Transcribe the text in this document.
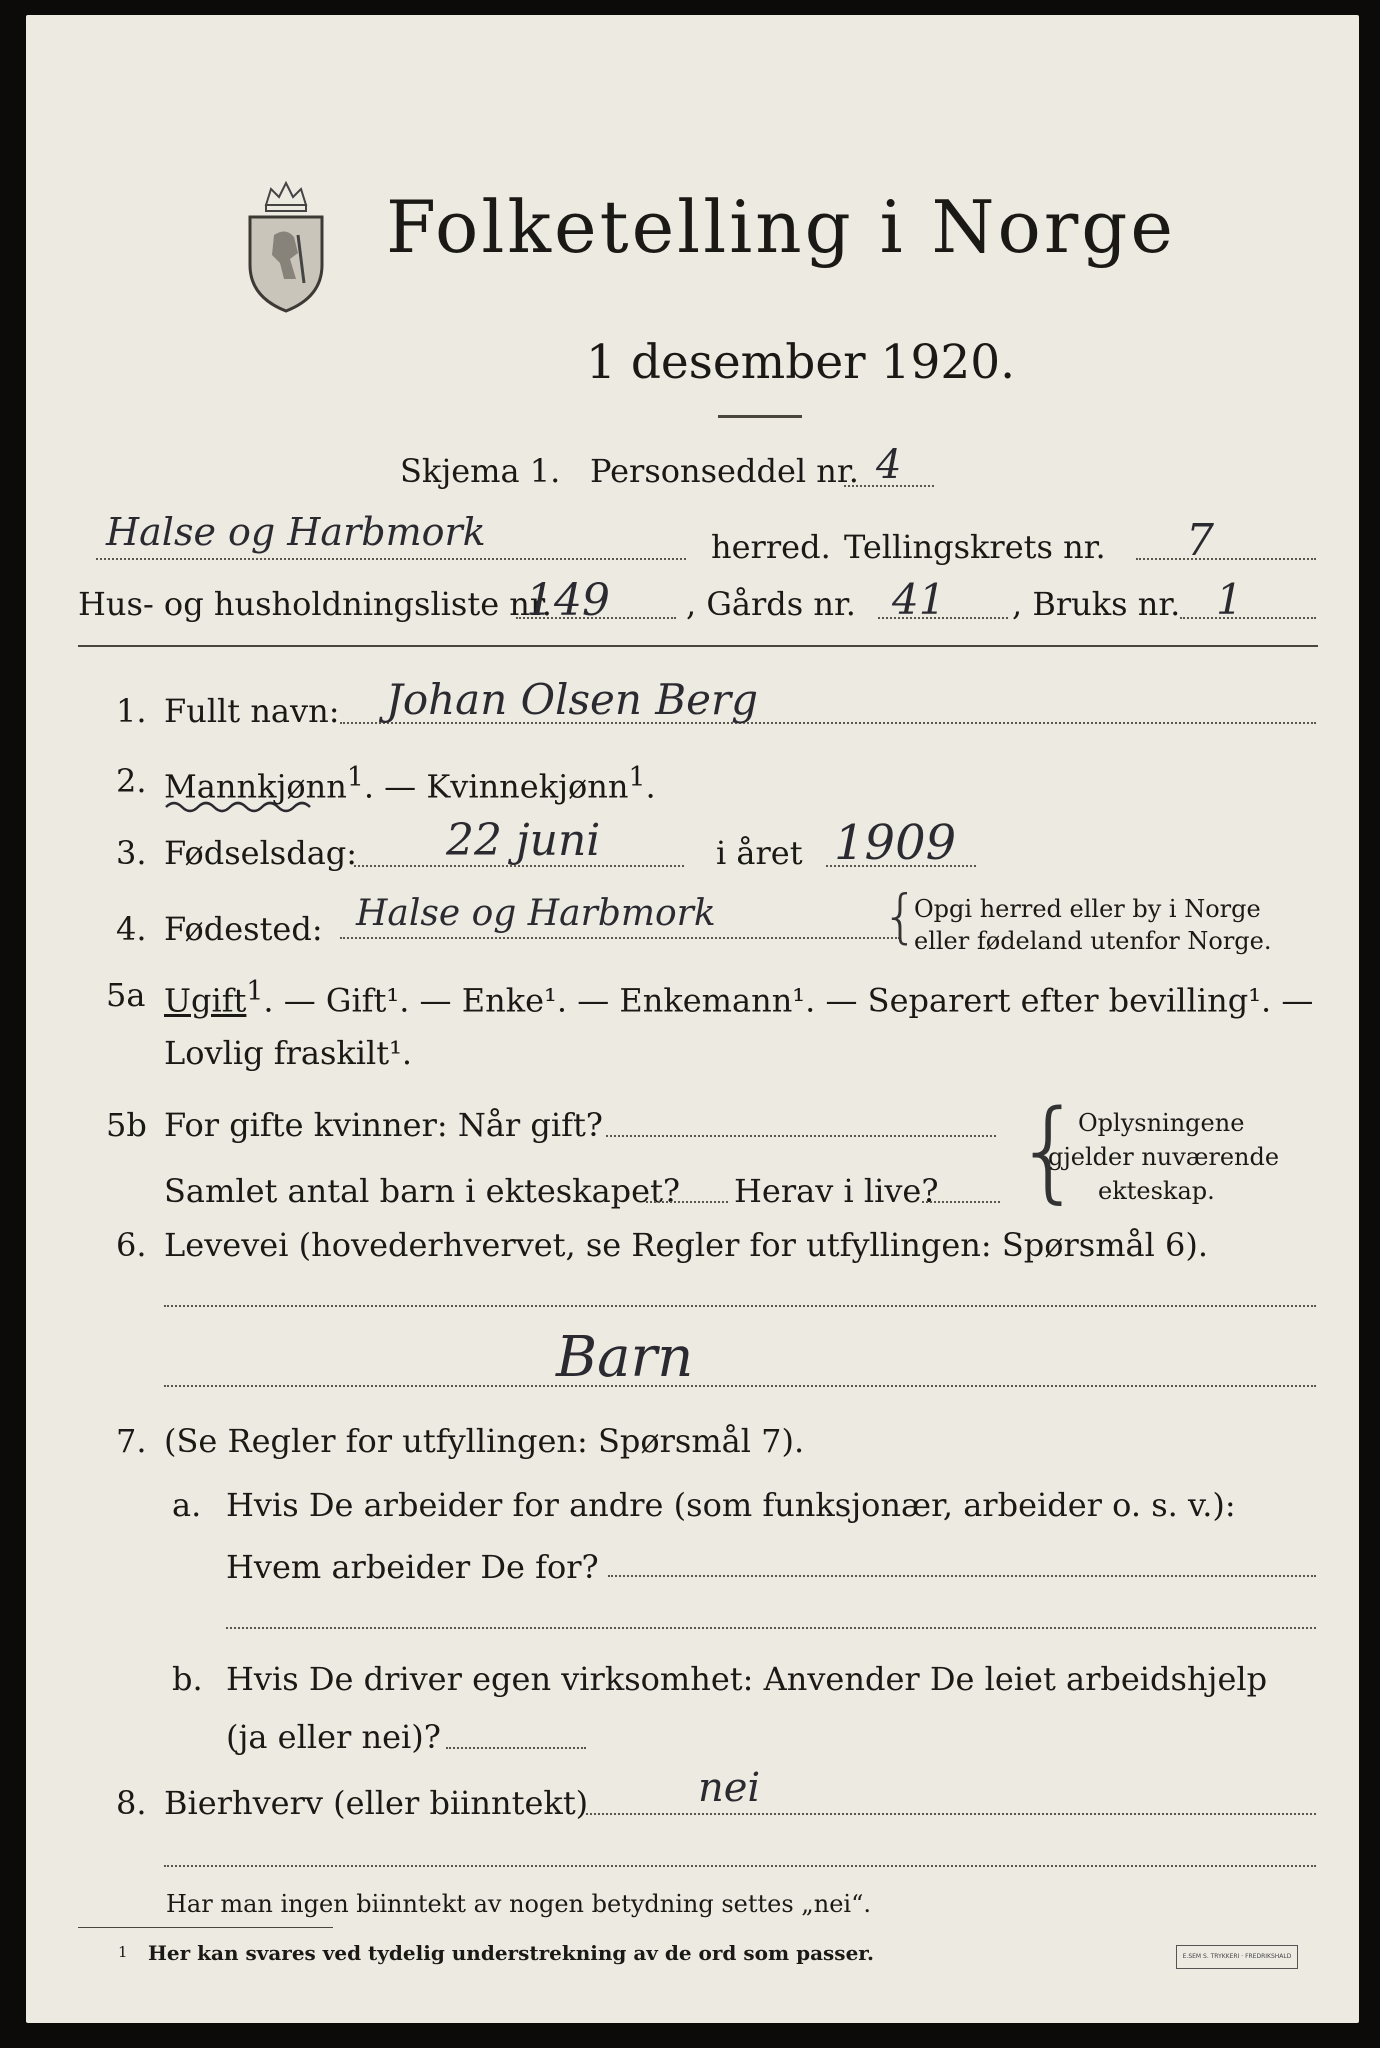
Folketelling i Norge
1 desember 1920.
Skjema 1. Personseddel nr. 4
Halse og Harbmork	herred. Tellingskrets nr. 7
Hus- og husholdningsliste nr.
149 , Gårds nr. 41 , Bruks nr. 1
1. Fullt navn: Johan Olsen Berg
2. Mannkjønn$^1$. — Kvinnekjønn$^1$.
3. Fødselsdag: 22 juni	i året 1909
4. Fødested: Halse og Harbmork	{
Opgi herred eller by i Norge
eller fødeland utenfor Norge.
5a Ugift$^1$. — Gift¹. — Enke¹. — Enkemann¹. — Separert efter bevilling¹. —
Lovlig fraskilt¹.
5b For gifte kvinner: Når gift?
Samlet antal barn i ekteskapet? Herav i live? {
Oplysningene
gjelder nuværende
ekteskap.
6. Levevei (hovederhvervet, se Regler for utfyllingen: Spørsmål 6).
Barn
7. (Se Regler for utfyllingen: Spørsmål 7).
a. Hvis De arbeider for andre (som funksjonær, arbeider o. s. v.):
Hvem arbeider De for?
b. Hvis De driver egen virksomhet: Anvender De leiet arbeidshjelp
(ja eller nei)?
8. Bierhverv (eller biinntekt)	nei
Har man ingen biinntekt av nogen betydning settes „nei“.
1 Her kan svares ved tydelig understrekning av de ord som passer.	E.SEM S. TRYKKERI · FREDRIKSHALD
